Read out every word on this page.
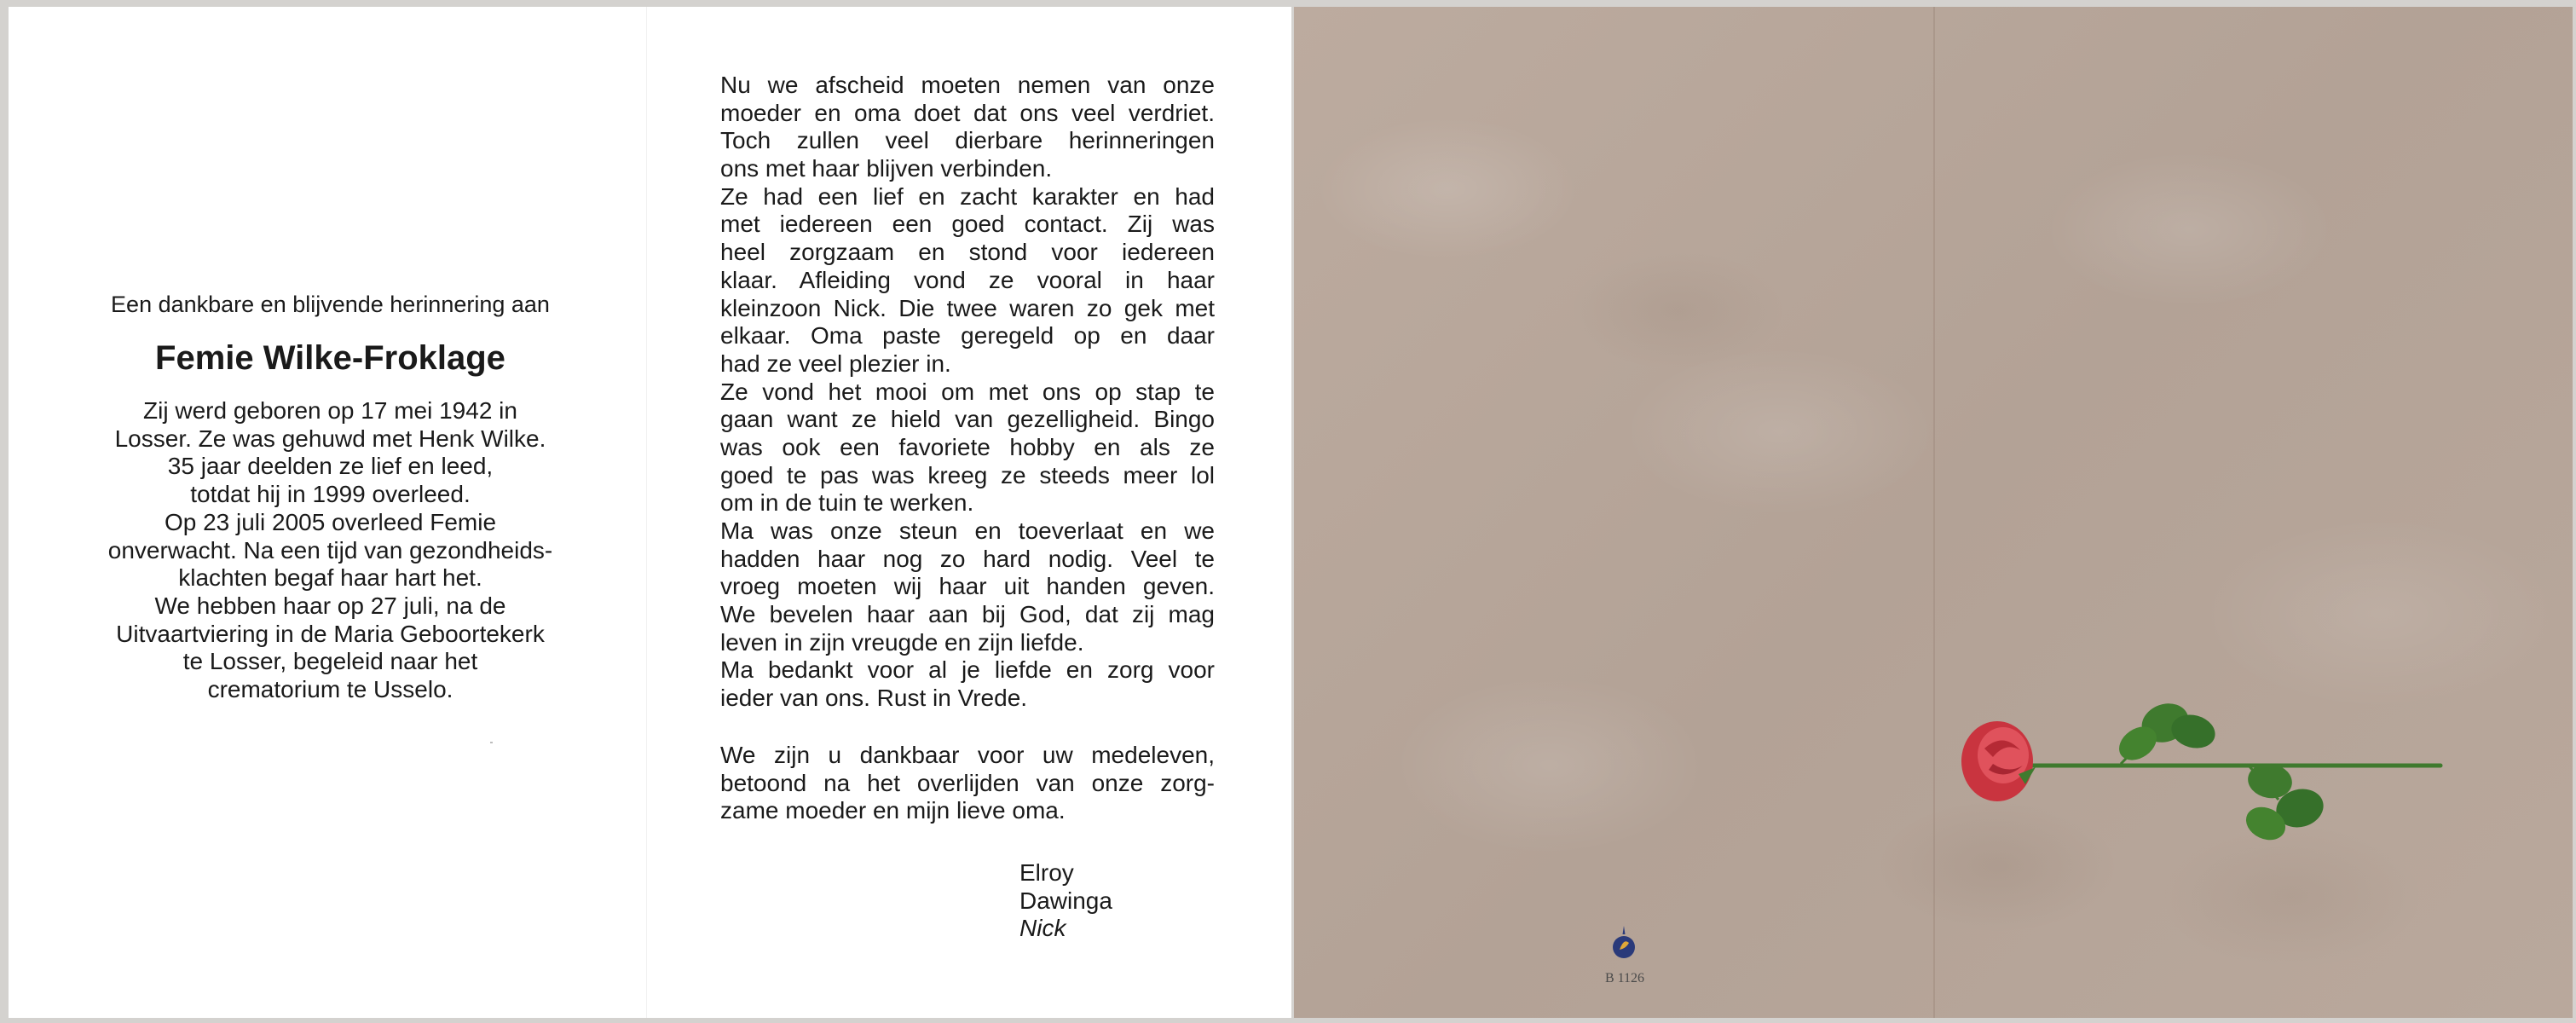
Een dankbare en blijvende herinnering aan

Femie Wilke-Froklage

Zij werd geboren op 17 mei 1942 in
Losser. Ze was gehuwd met Henk Wilke.
35 jaar deelden ze lief en leed,
totdat hij in 1999 overleed.
Op 23 juli 2005 overleed Femie
onverwacht. Na een tijd van gezondheids-
klachten begaf haar hart het.
We hebben haar op 27 juli, na de
Uitvaartviering in de Maria Geboortekerk
te Losser, begeleid naar het
crematorium te Usselo.
Nu we afscheid moeten nemen van onze
moeder en oma doet dat ons veel verdriet.
Toch zullen veel dierbare herinneringen
ons met haar blijven verbinden.
Ze had een lief en zacht karakter en had
met iedereen een goed contact. Zij was
heel zorgzaam en stond voor iedereen
klaar. Afleiding vond ze vooral in haar
kleinzoon Nick. Die twee waren zo gek met
elkaar. Oma paste geregeld op en daar
had ze veel plezier in.
Ze vond het mooi om met ons op stap te
gaan want ze hield van gezelligheid. Bingo
was ook een favoriete hobby en als ze
goed te pas was kreeg ze steeds meer lol
om in de tuin te werken.
Ma was onze steun en toeverlaat en we
hadden haar nog zo hard nodig. Veel te
vroeg moeten wij haar uit handen geven.
We bevelen haar aan bij God, dat zij mag
leven in zijn vreugde en zijn liefde.
Ma bedankt voor al je liefde en zorg voor
ieder van ons. Rust in Vrede.
We zijn u dankbaar voor uw medeleven,
betoond na het overlijden van onze zorg-
zame moeder en mijn lieve oma.
Elroy
Dawinga
Nick
B 1126
